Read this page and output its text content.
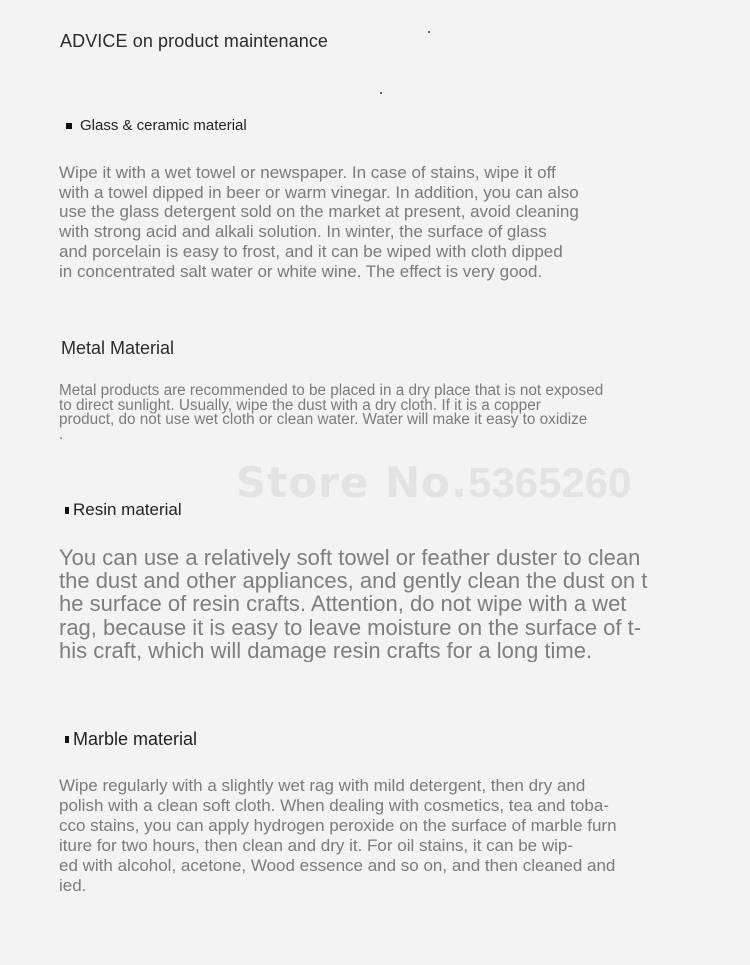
ADVICE on product maintenance
Glass & ceramic material
Wipe it with a wet towel or newspaper. In case of stains, wipe it off
with a towel dipped in beer or warm vinegar. In addition, you can also
use the glass detergent sold on the market at present, avoid cleaning
with strong acid and alkali solution. In winter, the surface of glass
and porcelain is easy to frost, and it can be wiped with cloth dipped
in concentrated salt water or white wine. The effect is very good.
Metal Material
Metal products are recommended to be placed in a dry place that is not exposed
to direct sunlight. Usually, wipe the dust with a dry cloth. If it is a copper
product, do not use wet cloth or clean water. Water will make it easy to oxidize
.
Store No.5365260
Resin material
You can use a relatively soft towel or feather duster to clean
the dust and other appliances, and gently clean the dust on t
he surface of resin crafts. Attention, do not wipe with a wet
rag, because it is easy to leave moisture on the surface of t-
his craft, which will damage resin crafts for a long time.
Marble material
Wipe regularly with a slightly wet rag with mild detergent, then dry and
polish with a clean soft cloth. When dealing with cosmetics, tea and toba-
cco stains, you can apply hydrogen peroxide on the surface of marble furn
iture for two hours, then clean and dry it. For oil stains, it can be wip-
ed with alcohol, acetone, Wood essence and so on, and then cleaned and
ied.
